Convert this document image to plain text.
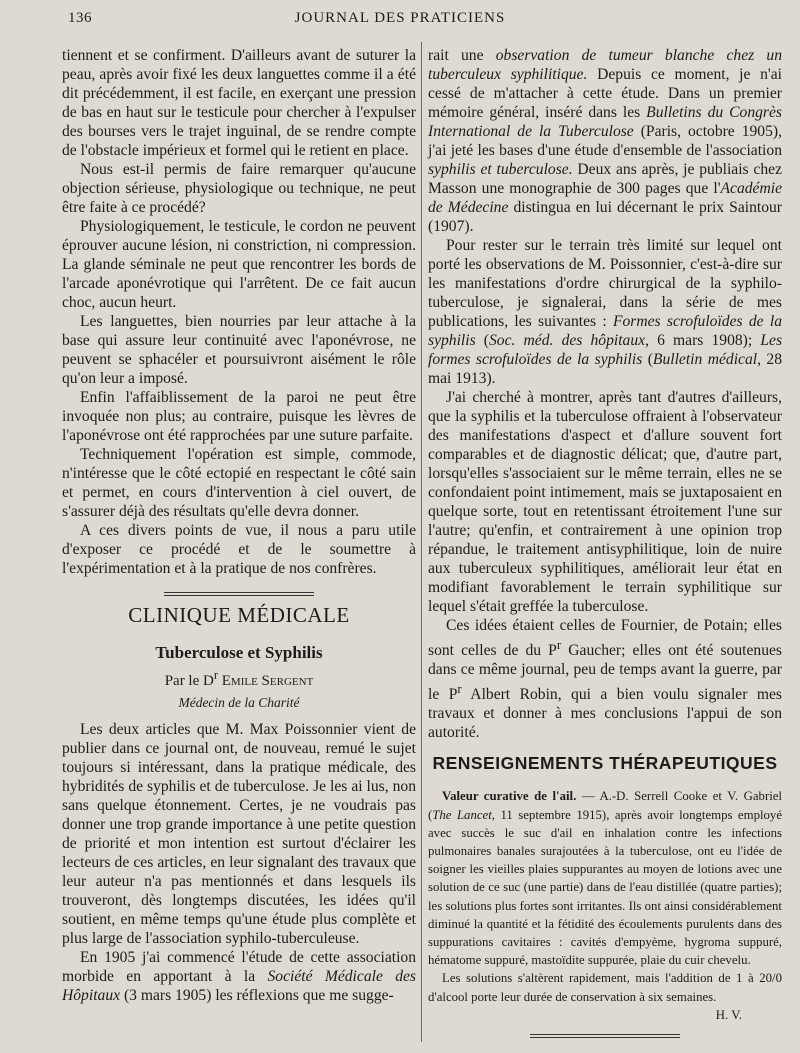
136	JOURNAL DES PRATICIENS

tiennent et se confirment. D'ailleurs avant de suturer la peau, après avoir fixé les deux languettes comme il a été dit précédemment, il est facile, en exerçant une pression de bas en haut sur le testicule pour chercher à l'expulser des bourses vers le trajet inguinal, de se rendre compte de l'obstacle impérieux et formel qui le retient en place.

Nous est-il permis de faire remarquer qu'aucune objection sérieuse, physiologique ou technique, ne peut être faite à ce procédé?

Physiologiquement, le testicule, le cordon ne peuvent éprouver aucune lésion, ni constriction, ni compression. La glande séminale ne peut que rencontrer les bords de l'arcade aponévrotique qui l'arrêtent. De ce fait aucun choc, aucun heurt.

Les languettes, bien nourries par leur attache à la base qui assure leur continuité avec l'aponévrose, ne peuvent se sphacéler et poursuivront aisément le rôle qu'on leur a imposé.

Enfin l'affaiblissement de la paroi ne peut être invoquée non plus; au contraire, puisque les lèvres de l'aponévrose ont été rapprochées par une suture parfaite.

Techniquement l'opération est simple, commode, n'intéresse que le côté ectopié en respectant le côté sain et permet, en cours d'intervention à ciel ouvert, de s'assurer déjà des résultats qu'elle devra donner.

A ces divers points de vue, il nous a paru utile d'exposer ce procédé et de le soumettre à l'expérimentation et à la pratique de nos confrères.

CLINIQUE MÉDICALE
Tuberculose et Syphilis
Par le $D^r$ Emile Sergent
Médecin de la Charité

Les deux articles que M. Max Poissonnier vient de publier dans ce journal ont, de nouveau, remué le sujet toujours si intéressant, dans la pratique médicale, des hybridités de syphilis et de tuberculose. Je les ai lus, non sans quelque étonnement. Certes, je ne voudrais pas donner une trop grande importance à une petite question de priorité et mon intention est surtout d'éclairer les lecteurs de ces articles, en leur signalant des travaux que leur auteur n'a pas mentionnés et dans lesquels ils trouveront, dès longtemps discutées, les idées qu'il soutient, en même temps qu'une étude plus complète et plus large de l'association syphilo-tuberculeuse.

En 1905 j'ai commencé l'étude de cette association morbide en apportant à la Société Médicale des Hôpitaux (3 mars 1905) les réflexions que me sugge-

rait une observation de tumeur blanche chez un tuberculeux syphilitique. Depuis ce moment, je n'ai cessé de m'attacher à cette étude. Dans un premier mémoire général, inséré dans les Bulletins du Congrès International de la Tuberculose (Paris, octobre 1905), j'ai jeté les bases d'une étude d'ensemble de l'association syphilis et tuberculose. Deux ans après, je publiais chez Masson une monographie de 300 pages que l'Académie de Médecine distingua en lui décernant le prix Saintour (1907).

Pour rester sur le terrain très limité sur lequel ont porté les observations de M. Poissonnier, c'est-à-dire sur les manifestations d'ordre chirurgical de la syphilo-tuberculose, je signalerai, dans la série de mes publications, les suivantes : Formes scrofuloïdes de la syphilis (Soc. méd. des hôpitaux, 6 mars 1908); Les formes scrofuloïdes de la syphilis (Bulletin médical, 28 mai 1913).

J'ai cherché à montrer, après tant d'autres d'ailleurs, que la syphilis et la tuberculose offraient à l'observateur des manifestations d'aspect et d'allure souvent fort comparables et de diagnostic délicat; que, d'autre part, lorsqu'elles s'associaient sur le même terrain, elles ne se confondaient point intimement, mais se juxtaposaient en quelque sorte, tout en retentissant étroitement l'une sur l'autre; qu'enfin, et contrairement à une opinion trop répandue, le traitement antisyphilitique, loin de nuire aux tuberculeux syphilitiques, améliorait leur état en modifiant favorablement le terrain syphilitique sur lequel s'était greffée la tuberculose.

Ces idées étaient celles de Fournier, de Potain; elles sont celles de du $P^r$ Gaucher; elles ont été soutenues dans ce même journal, peu de temps avant la guerre, par le $P^r$ Albert Robin, qui a bien voulu signaler mes travaux et donner à mes conclusions l'appui de son autorité.

RENSEIGNEMENTS THÉRAPEUTIQUES

Valeur curative de l'ail. — A.-D. Serrell Cooke et V. Gabriel (The Lancet, 11 septembre 1915), après avoir longtemps employé avec succès le suc d'ail en inhalation contre les infections pulmonaires banales surajoutées à la tuberculose, ont eu l'idée de soigner les vieilles plaies suppurantes au moyen de lotions avec une solution de ce suc (une partie) dans de l'eau distillée (quatre parties); les solutions plus fortes sont irritantes. Ils ont ainsi considérablement diminué la quantité et la fétidité des écoulements purulents dans des suppurations cavitaires : cavités d'empyème, hygroma suppuré, hématome suppuré, mastoïdite suppurée, plaie du cuir chevelu.

Les solutions s'altèrent rapidement, mais l'addition de 1 à 20/0 d'alcool porte leur durée de conservation à six semaines.

H. V.
